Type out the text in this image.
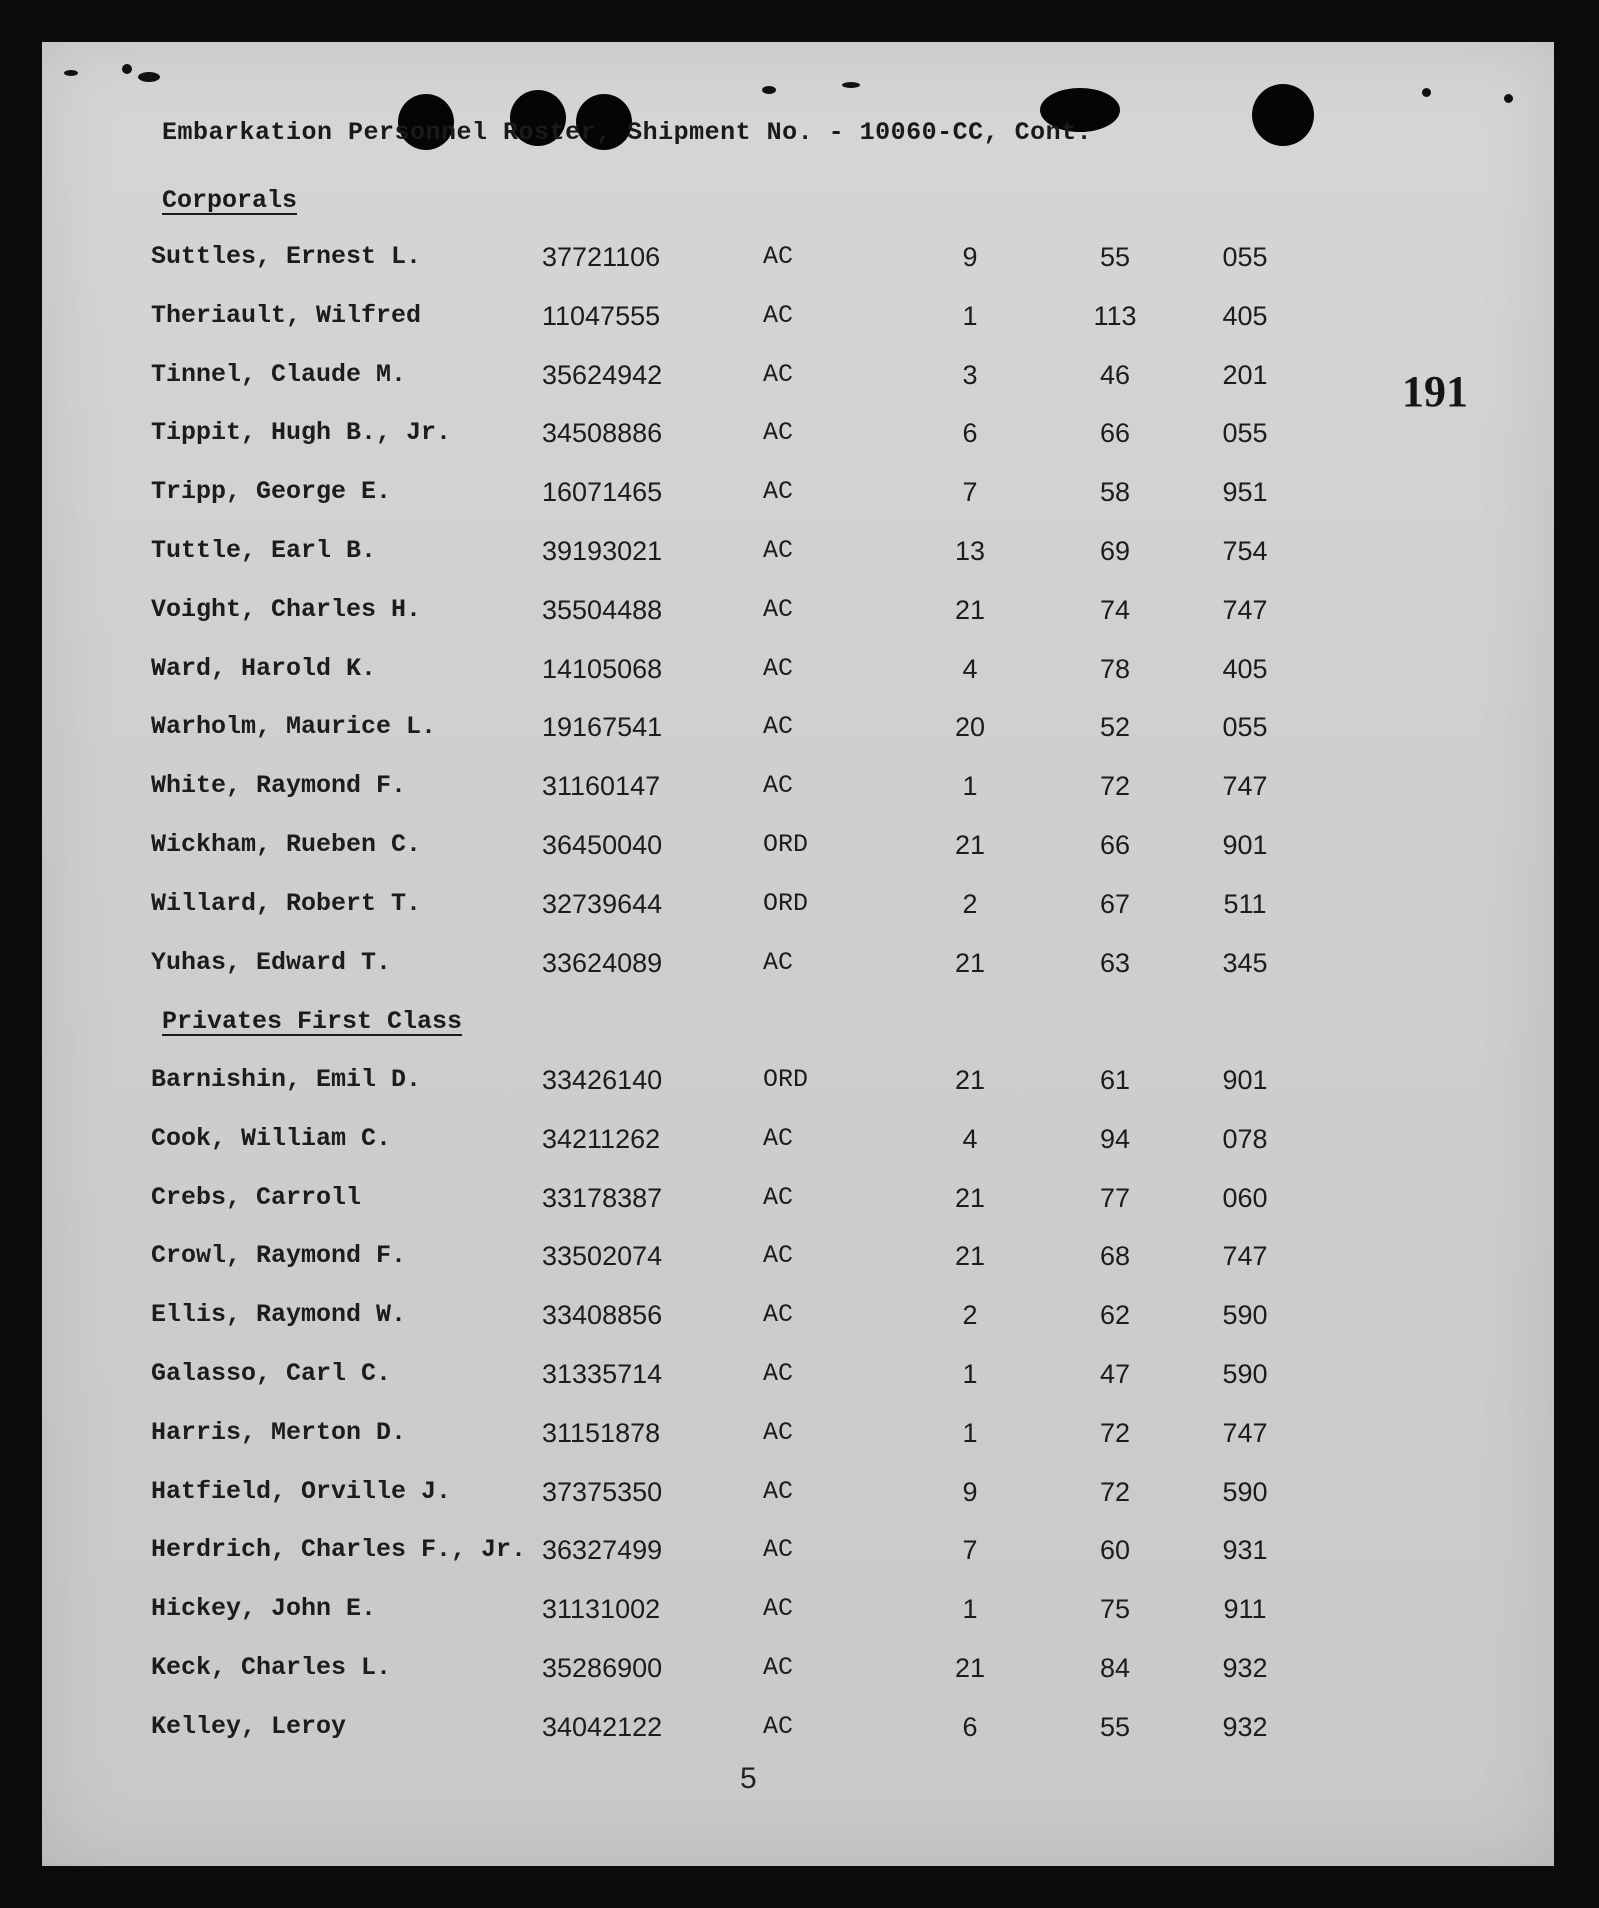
Embarkation Personnel Roster, Shipment No. - 10060-CC, Cont.
191
Corporals
Suttles, Ernest L.	37721106	AC	9	55	055
Theriault, Wilfred	11047555	AC	1	113	405
Tinnel, Claude M.	35624942	AC	3	46	201
Tippit, Hugh B., Jr.	34508886	AC	6	66	055
Tripp, George E.	16071465	AC	7	58	951
Tuttle, Earl B.	39193021	AC	13	69	754
Voight, Charles H.	35504488	AC	21	74	747
Ward, Harold K.	14105068	AC	4	78	405
Warholm, Maurice L.	19167541	AC	20	52	055
White, Raymond F.	31160147	AC	1	72	747
Wickham, Rueben C.	36450040	ORD	21	66	901
Willard, Robert T.	32739644	ORD	2	67	511
Yuhas, Edward T.	33624089	AC	21	63	345
Privates First Class
Barnishin, Emil D.	33426140	ORD	21	61	901
Cook, William C.	34211262	AC	4	94	078
Crebs, Carroll	33178387	AC	21	77	060
Crowl, Raymond F.	33502074	AC	21	68	747
Ellis, Raymond W.	33408856	AC	2	62	590
Galasso, Carl C.	31335714	AC	1	47	590
Harris, Merton D.	31151878	AC	1	72	747
Hatfield, Orville J.	37375350	AC	9	72	590
Herdrich, Charles F., Jr. 36327499	AC	7	60	931
Hickey, John E.	31131002	AC	1	75	911
Keck, Charles L.	35286900	AC	21	84	932
Kelley, Leroy	34042122	AC	6	55	932
5
